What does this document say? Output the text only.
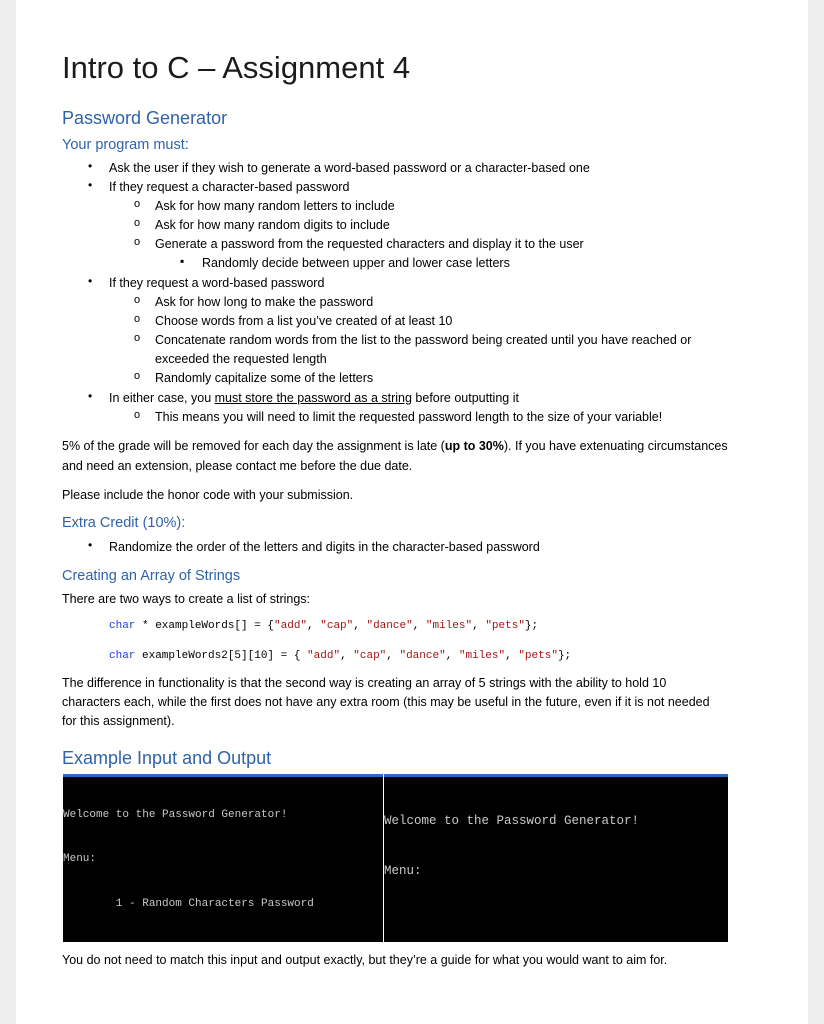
Intro to C – Assignment 4
Password Generator
Your program must:
•
Ask the user if they wish to generate a word-based password or a character-based one
•
If they request a character-based password
o
Ask for how many random letters to include
o
Ask for how many random digits to include
o
Generate a password from the requested characters and display it to the user
▪
Randomly decide between upper and lower case letters
•
If they request a word-based password
o
Ask for how long to make the password
o
Choose words from a list you’ve created of at least 10
o
Concatenate random words from the list to the password being created until you have reached or
exceeded the requested length
o
Randomly capitalize some of the letters
•
In either case, you must store the password as a string before outputting it
o
This means you will need to limit the requested password length to the size of your variable!
5% of the grade will be removed for each day the assignment is late (up to 30%). If you have extenuating circumstances
and need an extension, please contact me before the due date.
Please include the honor code with your submission.
Extra Credit (10%):
•
Randomize the order of the letters and digits in the character-based password
Creating an Array of Strings
There are two ways to create a list of strings:
char * exampleWords[] = {"add", "cap", "dance", "miles", "pets"};
char exampleWords2[5][10] = { "add", "cap", "dance", "miles", "pets"};
The difference in functionality is that the second way is creating an array of 5 strings with the ability to hold 10
characters each, while the first does not have any extra room (this may be useful in the future, even if it is not needed
for this assignment).
Example Input and Output

Welcome to the Password Generator!

Menu:

1 - Random Characters Password

Welcome to the Password Generator!

Menu:

You do not need to match this input and output exactly, but they’re a guide for what you would want to aim for.
